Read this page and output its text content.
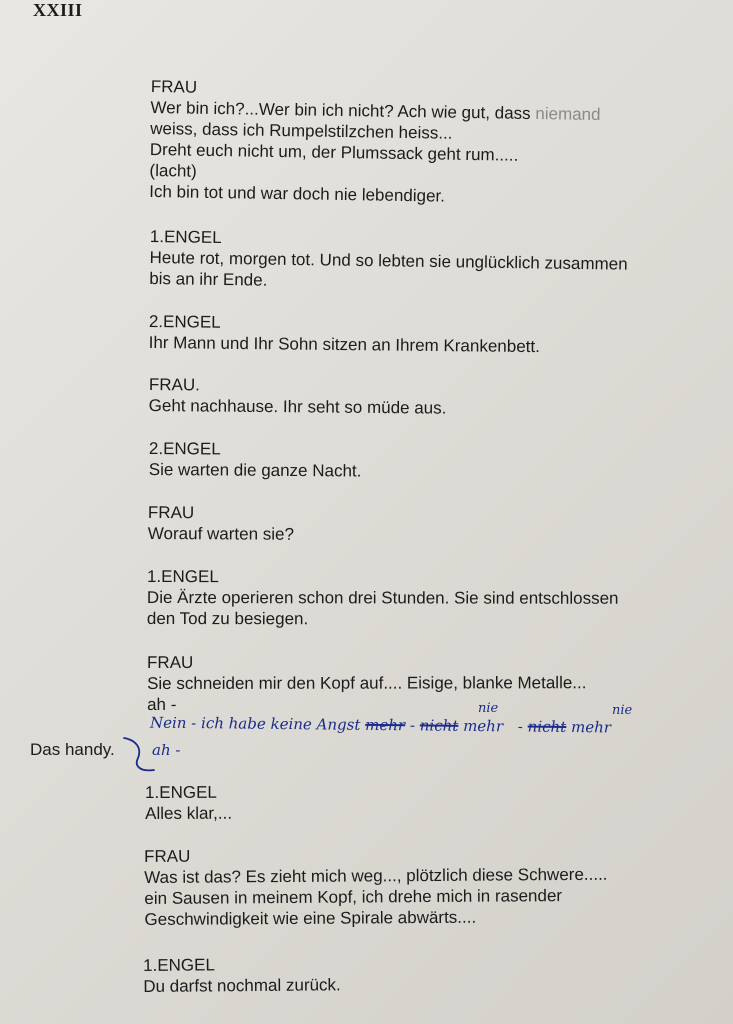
XXIII
FRAU
Wer bin ich?...Wer bin ich nicht? Ach wie gut, dass niemand
weiss, dass ich Rumpelstilzchen heiss...
Dreht euch nicht um, der Plumssack geht rum.....
(lacht)
Ich bin tot und war doch nie lebendiger.
1.ENGEL
Heute rot, morgen tot. Und so lebten sie unglücklich zusammen
bis an ihr Ende.
2.ENGEL
Ihr Mann und Ihr Sohn sitzen an Ihrem Krankenbett.
FRAU.
Geht nachhause. Ihr seht so müde aus.
2.ENGEL
Sie warten die ganze Nacht.
FRAU
Worauf warten sie?
1.ENGEL
Die Ärzte operieren schon drei Stunden. Sie sind entschlossen
den Tod zu besiegen.
FRAU
Sie schneiden mir den Kopf auf.... Eisige, blanke Metalle...
ah -
Nein - ich habe keine Angst mehr - nicht mehr - nicht mehr
nie	nie
ah -
Das handy.
1.ENGEL
Alles klar,...
FRAU
Was ist das? Es zieht mich weg..., plötzlich diese Schwere.....
ein Sausen in meinem Kopf, ich drehe mich in rasender
Geschwindigkeit wie eine Spirale abwärts....
1.ENGEL
Du darfst nochmal zurück.
